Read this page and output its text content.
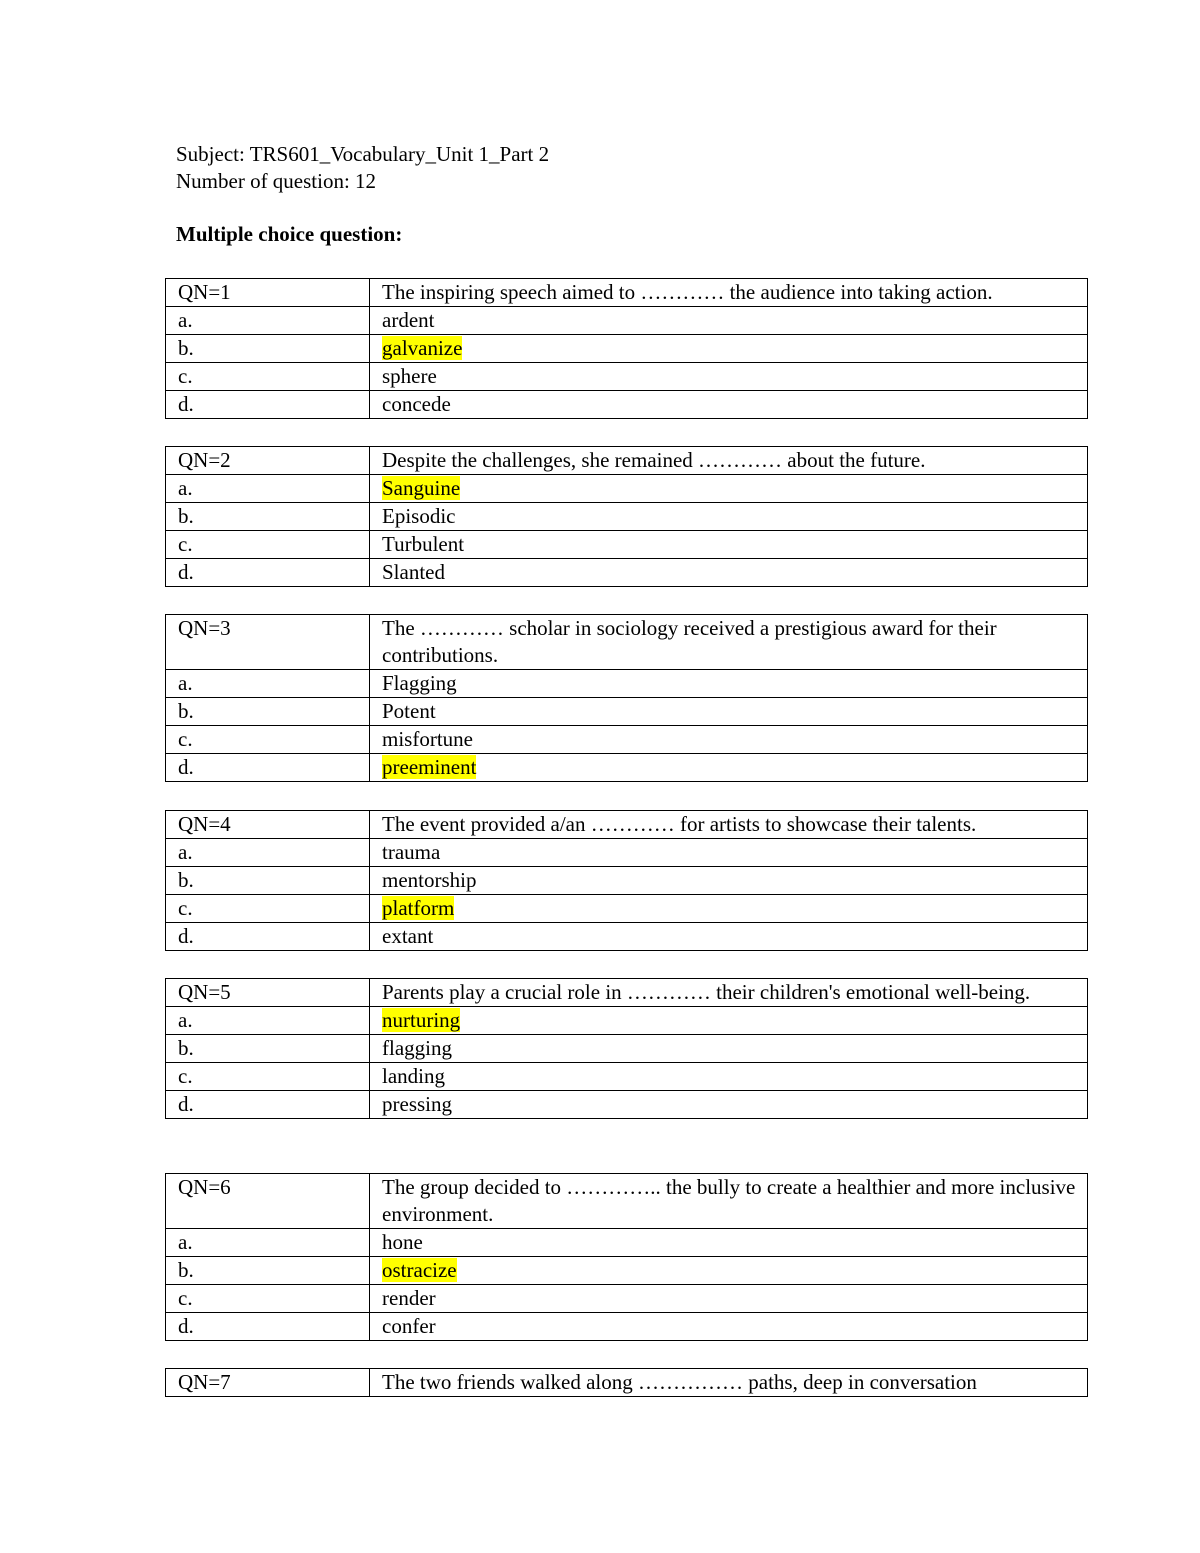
Subject: TRS601_Vocabulary_Unit 1_Part 2
Number of question: 12
Multiple choice question:
QN=1	The inspiring speech aimed to ………… the audience into taking action.
a.	ardent
b.	galvanize
c.	sphere
d.	concede
QN=2	Despite the challenges, she remained ………… about the future.
a.	Sanguine
b.	Episodic
c.	Turbulent
d.	Slanted
QN=3	The ………… scholar in sociology received a prestigious award for their contributions.
a.	Flagging
b.	Potent
c.	misfortune
d.	preeminent
QN=4	The event provided a/an ………… for artists to showcase their talents.
a.	trauma
b.	mentorship
c.	platform
d.	extant
QN=5	Parents play a crucial role in ………… their children's emotional well-being.
a.	nurturing
b.	flagging
c.	landing
d.	pressing
QN=6	The group decided to ………….. the bully to create a healthier and more inclusive environment.
a.	hone
b.	ostracize
c.	render
d.	confer
QN=7	The two friends walked along …………… paths, deep in conversation
